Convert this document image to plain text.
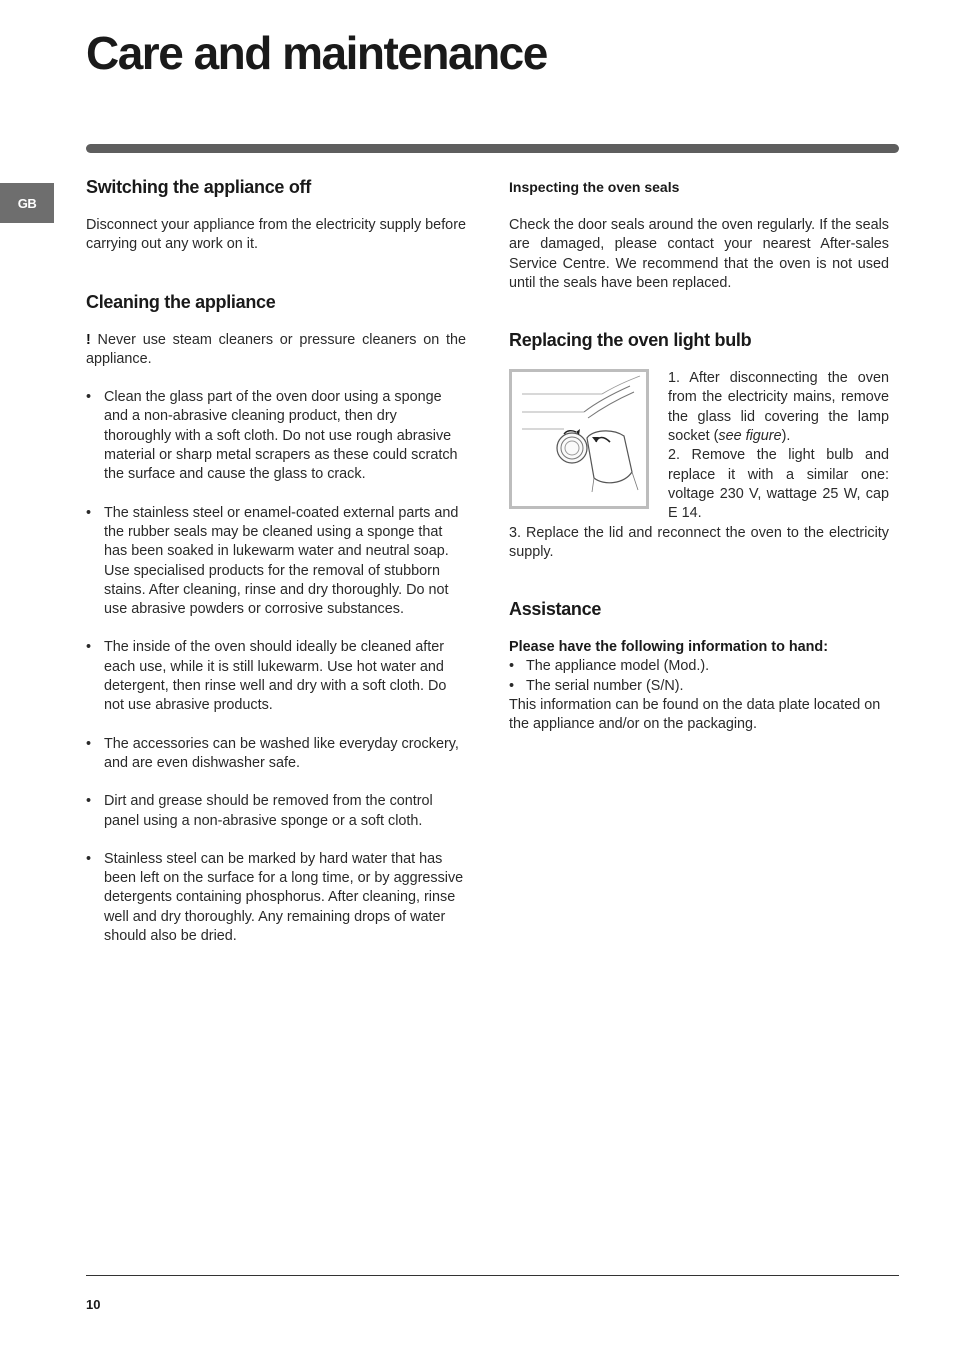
Care and maintenance
GB
Switching the appliance off

Disconnect your appliance from the electricity supply before carrying out any work on it.

Cleaning the appliance

! Never use steam cleaners or pressure cleaners on the appliance.

• Clean the glass part of the oven door using a sponge and a non-abrasive cleaning product, then dry thoroughly with a soft cloth. Do not use rough abrasive material or sharp metal scrapers as these could scratch the surface and cause the glass to crack.
• The stainless steel or enamel-coated external parts and the rubber seals may be cleaned using a sponge that has been soaked in lukewarm water and neutral soap. Use specialised products for the removal of stubborn stains. After cleaning, rinse and dry thoroughly. Do not use abrasive powders or corrosive substances.
• The inside of the oven should ideally be cleaned after each use, while it is still lukewarm. Use hot water and detergent, then rinse well and dry with a soft cloth. Do not use abrasive products.
• The accessories can be washed like everyday crockery, and are even dishwasher safe.
• Dirt and grease should be removed from the control panel using a non-abrasive sponge or a soft cloth.
• Stainless steel can be marked by hard water that has been left on the surface for a long time, or by aggressive detergents containing phosphorus. After cleaning, rinse well and dry thoroughly. Any remaining drops of water should also be dried.
Inspecting the oven seals

Check the door seals around the oven regularly. If the seals are damaged, please contact your nearest After-sales Service Centre. We recommend that the oven is not used until the seals have been replaced.

Replacing the oven light bulb

1. After disconnecting the oven from the electricity mains, remove the glass lid covering the lamp socket (see figure).

2. Remove the light bulb and replace it with a similar one: voltage 230 V, wattage 25 W, cap E 14.

3. Replace the lid and reconnect the oven to the electricity supply.

Assistance
Please have the following information to hand:
• The appliance model (Mod.).
• The serial number (S/N).

This information can be found on the data plate located on the appliance and/or on the packaging.

10
